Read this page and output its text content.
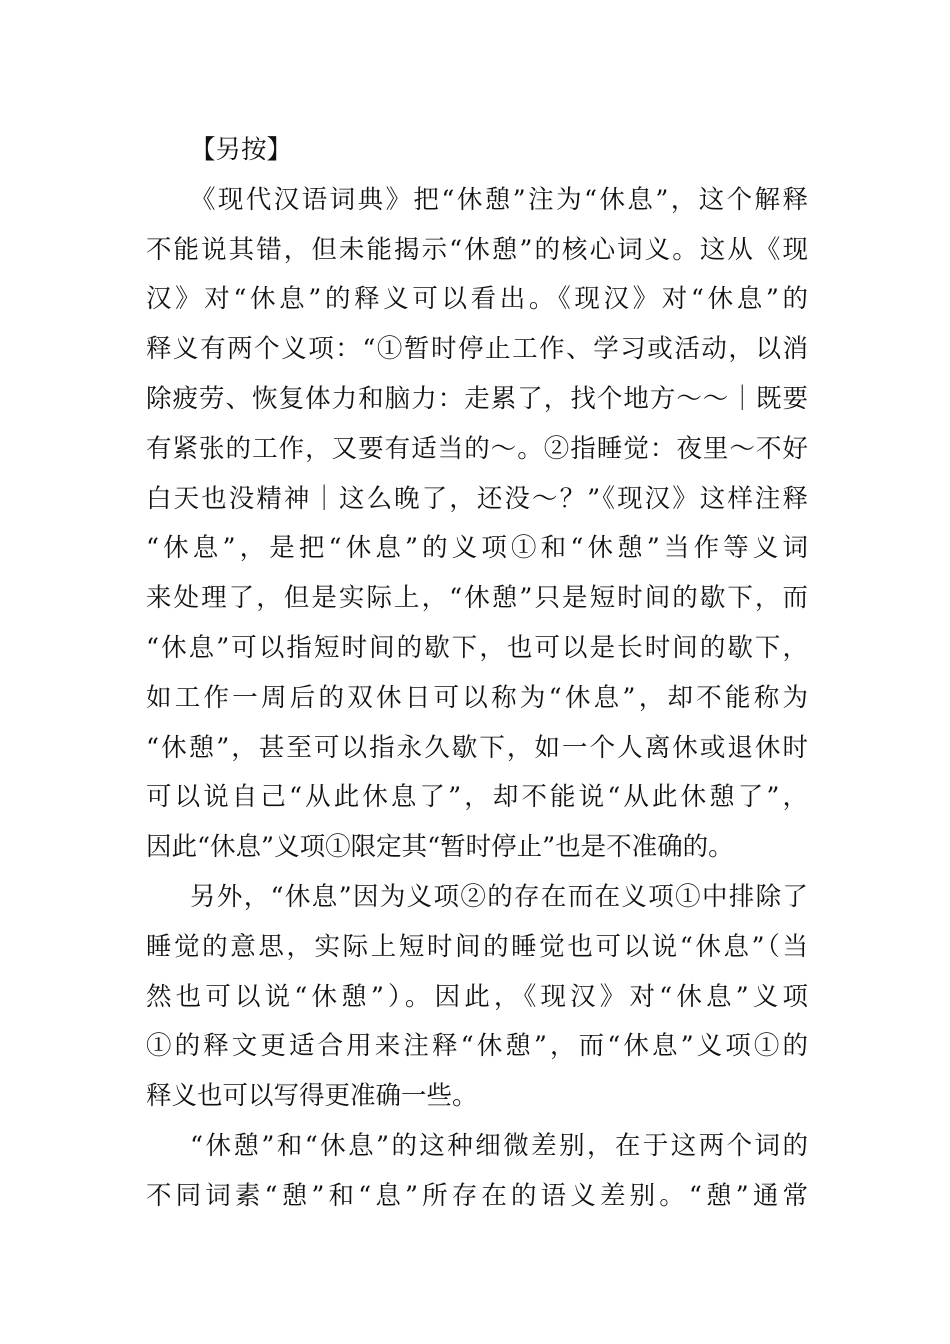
【另按】
《现代汉语词典》把“休憩”注为“休息”，这个解释
不能说其错，但未能揭示“休憩”的核心词义。这从《现
汉》对“休息”的释义可以看出。《现汉》对“休息”的
释义有两个义项：“①暂时停止工作、学习或活动，以消
除疲劳、恢复体力和脑力：走累了，找个地方～～｜既要
有紧张的工作，又要有适当的～。②指睡觉：夜里～不好
白天也没精神｜这么晚了，还没～？”《现汉》这样注释
“休息”，是把“休息”的义项①和“休憩”当作等义词
来处理了，但是实际上，“休憩”只是短时间的歇下，而
“休息”可以指短时间的歇下，也可以是长时间的歇下，
如工作一周后的双休日可以称为“休息”，却不能称为
“休憩”，甚至可以指永久歇下，如一个人离休或退休时
可以说自己“从此休息了”，却不能说“从此休憩了”，
因此“休息”义项①限定其“暂时停止”也是不准确的。
另外，“休息”因为义项②的存在而在义项①中排除了
睡觉的意思，实际上短时间的睡觉也可以说“休息”（当
然也可以说“休憩”）。因此，《现汉》对“休息”义项
①的释文更适合用来注释“休憩”，而“休息”义项①的
释义也可以写得更准确一些。
“休憩”和“休息”的这种细微差别，在于这两个词的
不同词素“憩”和“息”所存在的语义差别。“憩”通常
